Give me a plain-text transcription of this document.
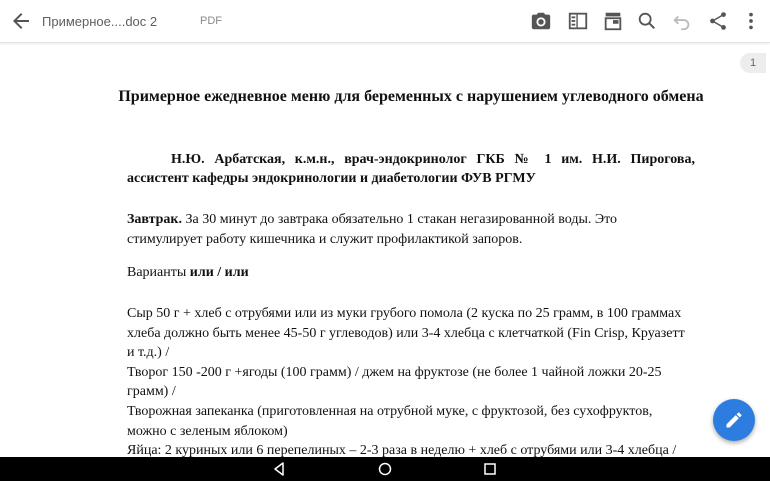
Примерное....doc 2	PDF
1
Примерное ежедневное меню для беременных с нарушением углеводного обмена
Н.Ю. Арбатская, к.м.н., врач-эндокринолог ГКБ № 1 им. Н.И. Пирогова, ассистент кафедры эндокринологии и диабетологии ФУВ РГМУ
Завтрак. За 30 минут до завтрака обязательно 1 стакан негазированной воды. Это стимулирует работу кишечника и служит профилактикой запоров.
Варианты или / или
Сыр 50 г + хлеб с отрубями или из муки грубого помола (2 куска по 25 грамм, в 100 граммах хлеба должно быть менее 45-50 г углеводов) или 3-4 хлебца с клетчаткой (Fin Crisp, Круазетт и т.д.) /
Творог 150 -200 г +ягоды (100 грамм) / джем на фруктозе (не более 1 чайной ложки 20-25 грамм) /
Творожная запеканка (приготовленная на отрубной муке, с фруктозой, без сухофруктов, можно с зеленым яблоком)
Яйца: 2 куриных или 6 перепелиных – 2-3 раза в неделю + хлеб с отрубями или 3-4 хлебца /
